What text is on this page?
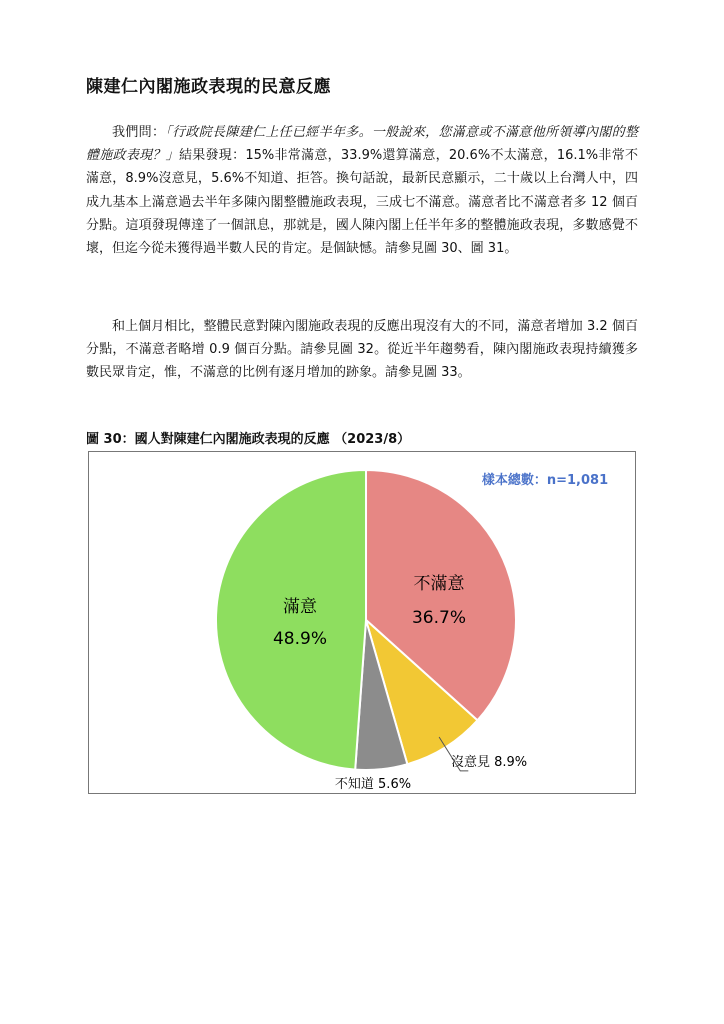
陳建仁內閣施政表現的民意反應

我們問：「行政院長陳建仁上任已經半年多。一般說來，您滿意或不滿意他所領導內閣的整體施政表現？」結果發現：15%非常滿意，33.9%還算滿意，20.6%不太滿意，16.1%非常不滿意，8.9%沒意見，5.6%不知道、拒答。換句話說，最新民意顯示，二十歲以上台灣人中，四成九基本上滿意過去半年多陳內閣整體施政表現，三成七不滿意。滿意者比不滿意者多 12 個百分點。這項發現傳達了一個訊息，那就是，國人陳內閣上任半年多的整體施政表現，多數感覺不壞，但迄今從未獲得過半數人民的肯定。是個缺憾。請參見圖 30、圖 31。

和上個月相比，整體民意對陳內閣施政表現的反應出現沒有大的不同，滿意者增加 3.2 個百分點，不滿意者略增 0.9 個百分點。請參見圖 32。從近半年趨勢看，陳內閣施政表現持續獲多數民眾肯定，惟，不滿意的比例有逐月增加的跡象。請參見圖 33。

圖 30：國人對陳建仁內閣施政表現的反應 （2023/8）

樣本總數：n=1,081
不滿意
36.7%
滿意
48.9%
沒意見 8.9%
不知道 5.6%
